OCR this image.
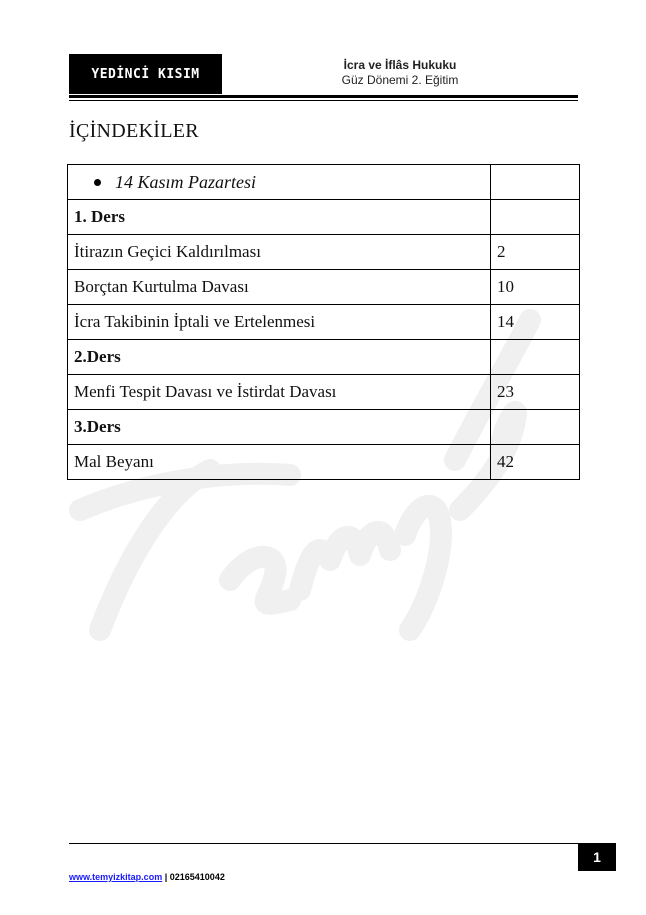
YEDİNCİ KISIM
İcra ve İflâs Hukuku
Güz Dönemi 2. Eğitim
İÇİNDEKİLER
14 Kasım Pazartesi	
1. Ders	
İtirazın Geçici Kaldırılması	2
Borçtan Kurtulma Davası	10
İcra Takibinin İptali ve Ertelenmesi	14
2.Ders	
Menfi Tespit Davası ve İstirdat Davası	23
3.Ders	
Mal Beyanı	42
1
www.temyizkitap.com | 02165410042
